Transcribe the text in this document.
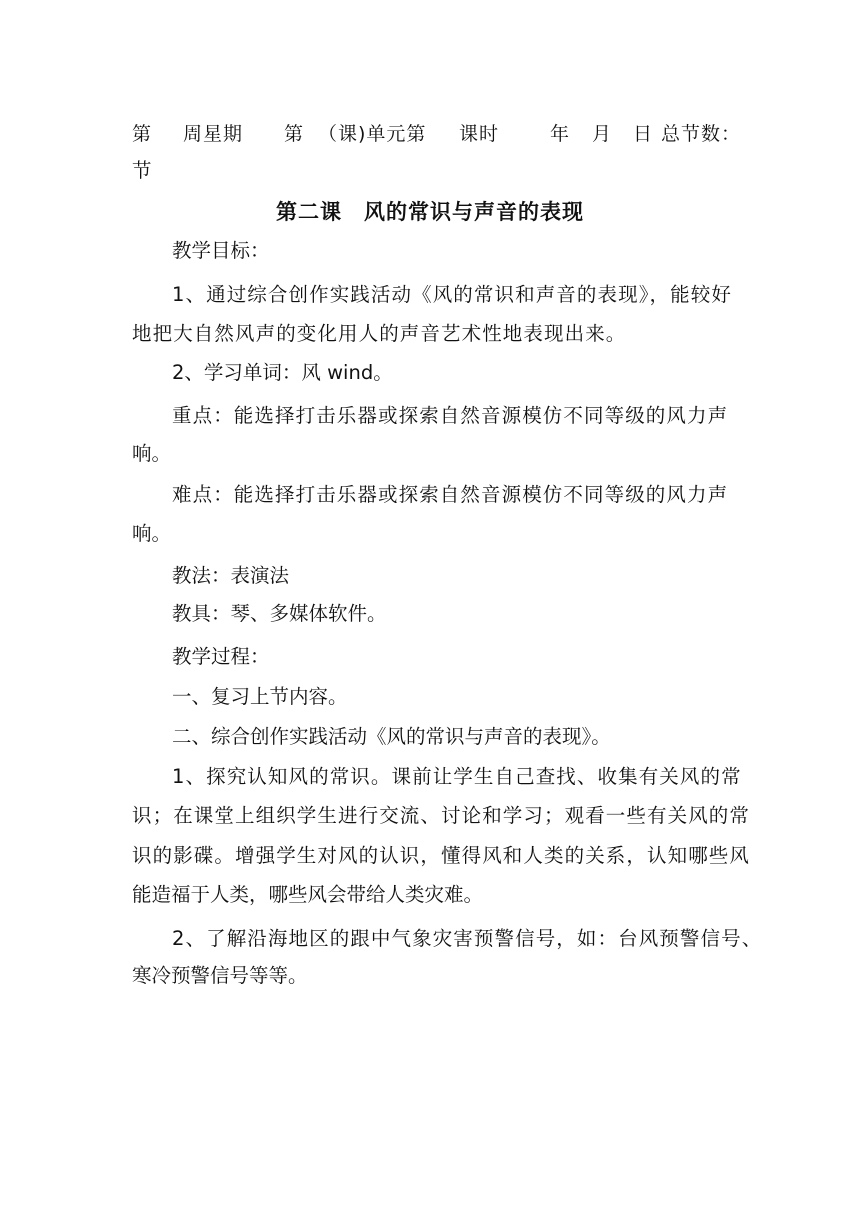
第 周星期 第 （课)单元第 课时	年 月 日 总节数：
节
第二课　风的常识与声音的表现
教学目标：
1、通过综合创作实践活动《风的常识和声音的表现》，能较好
地把大自然风声的变化用人的声音艺术性地表现出来。
2、学习单词：风 wind。
重点：能选择打击乐器或探索自然音源模仿不同等级的风力声
响。
难点：能选择打击乐器或探索自然音源模仿不同等级的风力声
响。
教法：表演法
教具：琴、多媒体软件。
教学过程：
一、复习上节内容。
二、综合创作实践活动《风的常识与声音的表现》。
1、探究认知风的常识。课前让学生自己查找、收集有关风的常
识；在课堂上组织学生进行交流、讨论和学习；观看一些有关风的常
识的影碟。增强学生对风的认识，懂得风和人类的关系，认知哪些风
能造福于人类，哪些风会带给人类灾难。
2、了解沿海地区的跟中气象灾害预警信号，如：台风预警信号、
寒冷预警信号等等。
